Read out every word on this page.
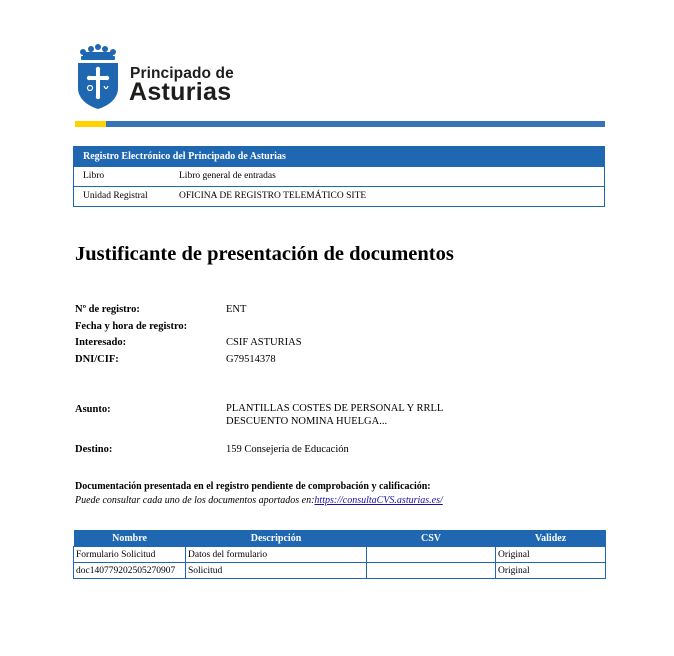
Principado de
Asturias
Registro Electrónico del Principado de Asturias
Libro	Libro general de entradas
Unidad Registral	OFICINA DE REGISTRO TELEMÁTICO SITE
Justificante de presentación de documentos
Nº de registro:	ENT
Fecha y hora de registro:
Interesado:	CSIF ASTURIAS
DNI/CIF:	G79514378
Asunto:	PLANTILLAS COSTES DE PERSONAL Y RRLL
DESCUENTO NOMINA HUELGA...
Destino:	159 Consejería de Educación
Documentación presentada en el registro pendiente de comprobación y calificación:
Puede consultar cada uno de los documentos aportados en:https://consultaCVS.asturias.es/
Nombre	Descripción	CSV	Validez
Formulario Solicitud	Datos del formulario		Original
doc140779202505270907	Solicitud		Original
